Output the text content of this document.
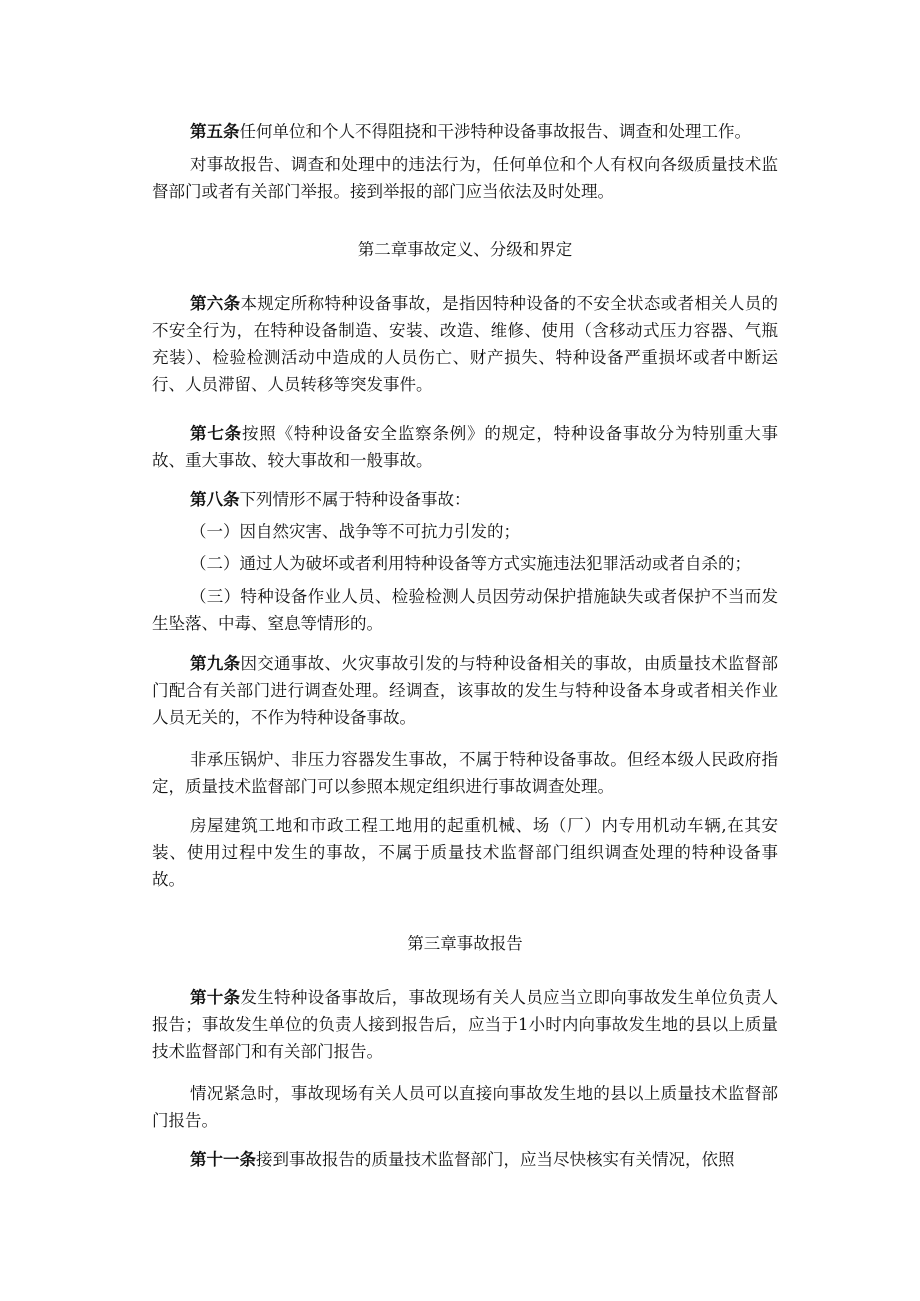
第五条任何单位和个人不得阻挠和干涉特种设备事故报告、调查和处理工作。

对事故报告、调查和处理中的违法行为，任何单位和个人有权向各级质量技术监督部门或者有关部门举报。接到举报的部门应当依法及时处理。

第二章事故定义、分级和界定

第六条本规定所称特种设备事故，是指因特种设备的不安全状态或者相关人员的不安全行为，在特种设备制造、安装、改造、维修、使用（含移动式压力容器、气瓶充装）、检验检测活动中造成的人员伤亡、财产损失、特种设备严重损坏或者中断运行、人员滞留、人员转移等突发事件。

第七条按照《特种设备安全监察条例》的规定，特种设备事故分为特别重大事故、重大事故、较大事故和一般事故。

第八条下列情形不属于特种设备事故：

（一）因自然灾害、战争等不可抗力引发的；

（二）通过人为破坏或者利用特种设备等方式实施违法犯罪活动或者自杀的；

（三）特种设备作业人员、检验检测人员因劳动保护措施缺失或者保护不当而发生坠落、中毒、窒息等情形的。

第九条因交通事故、火灾事故引发的与特种设备相关的事故，由质量技术监督部门配合有关部门进行调查处理。经调查，该事故的发生与特种设备本身或者相关作业人员无关的，不作为特种设备事故。

非承压锅炉、非压力容器发生事故，不属于特种设备事故。但经本级人民政府指定，质量技术监督部门可以参照本规定组织进行事故调查处理。

房屋建筑工地和市政工程工地用的起重机械、场（厂）内专用机动车辆,在其安装、使用过程中发生的事故，不属于质量技术监督部门组织调查处理的特种设备事故。

第三章事故报告

第十条发生特种设备事故后，事故现场有关人员应当立即向事故发生单位负责人报告；事故发生单位的负责人接到报告后，应当于1小时内向事故发生地的县以上质量技术监督部门和有关部门报告。

情况紧急时，事故现场有关人员可以直接向事故发生地的县以上质量技术监督部门报告。

第十一条接到事故报告的质量技术监督部门，应当尽快核实有关情况，依照
